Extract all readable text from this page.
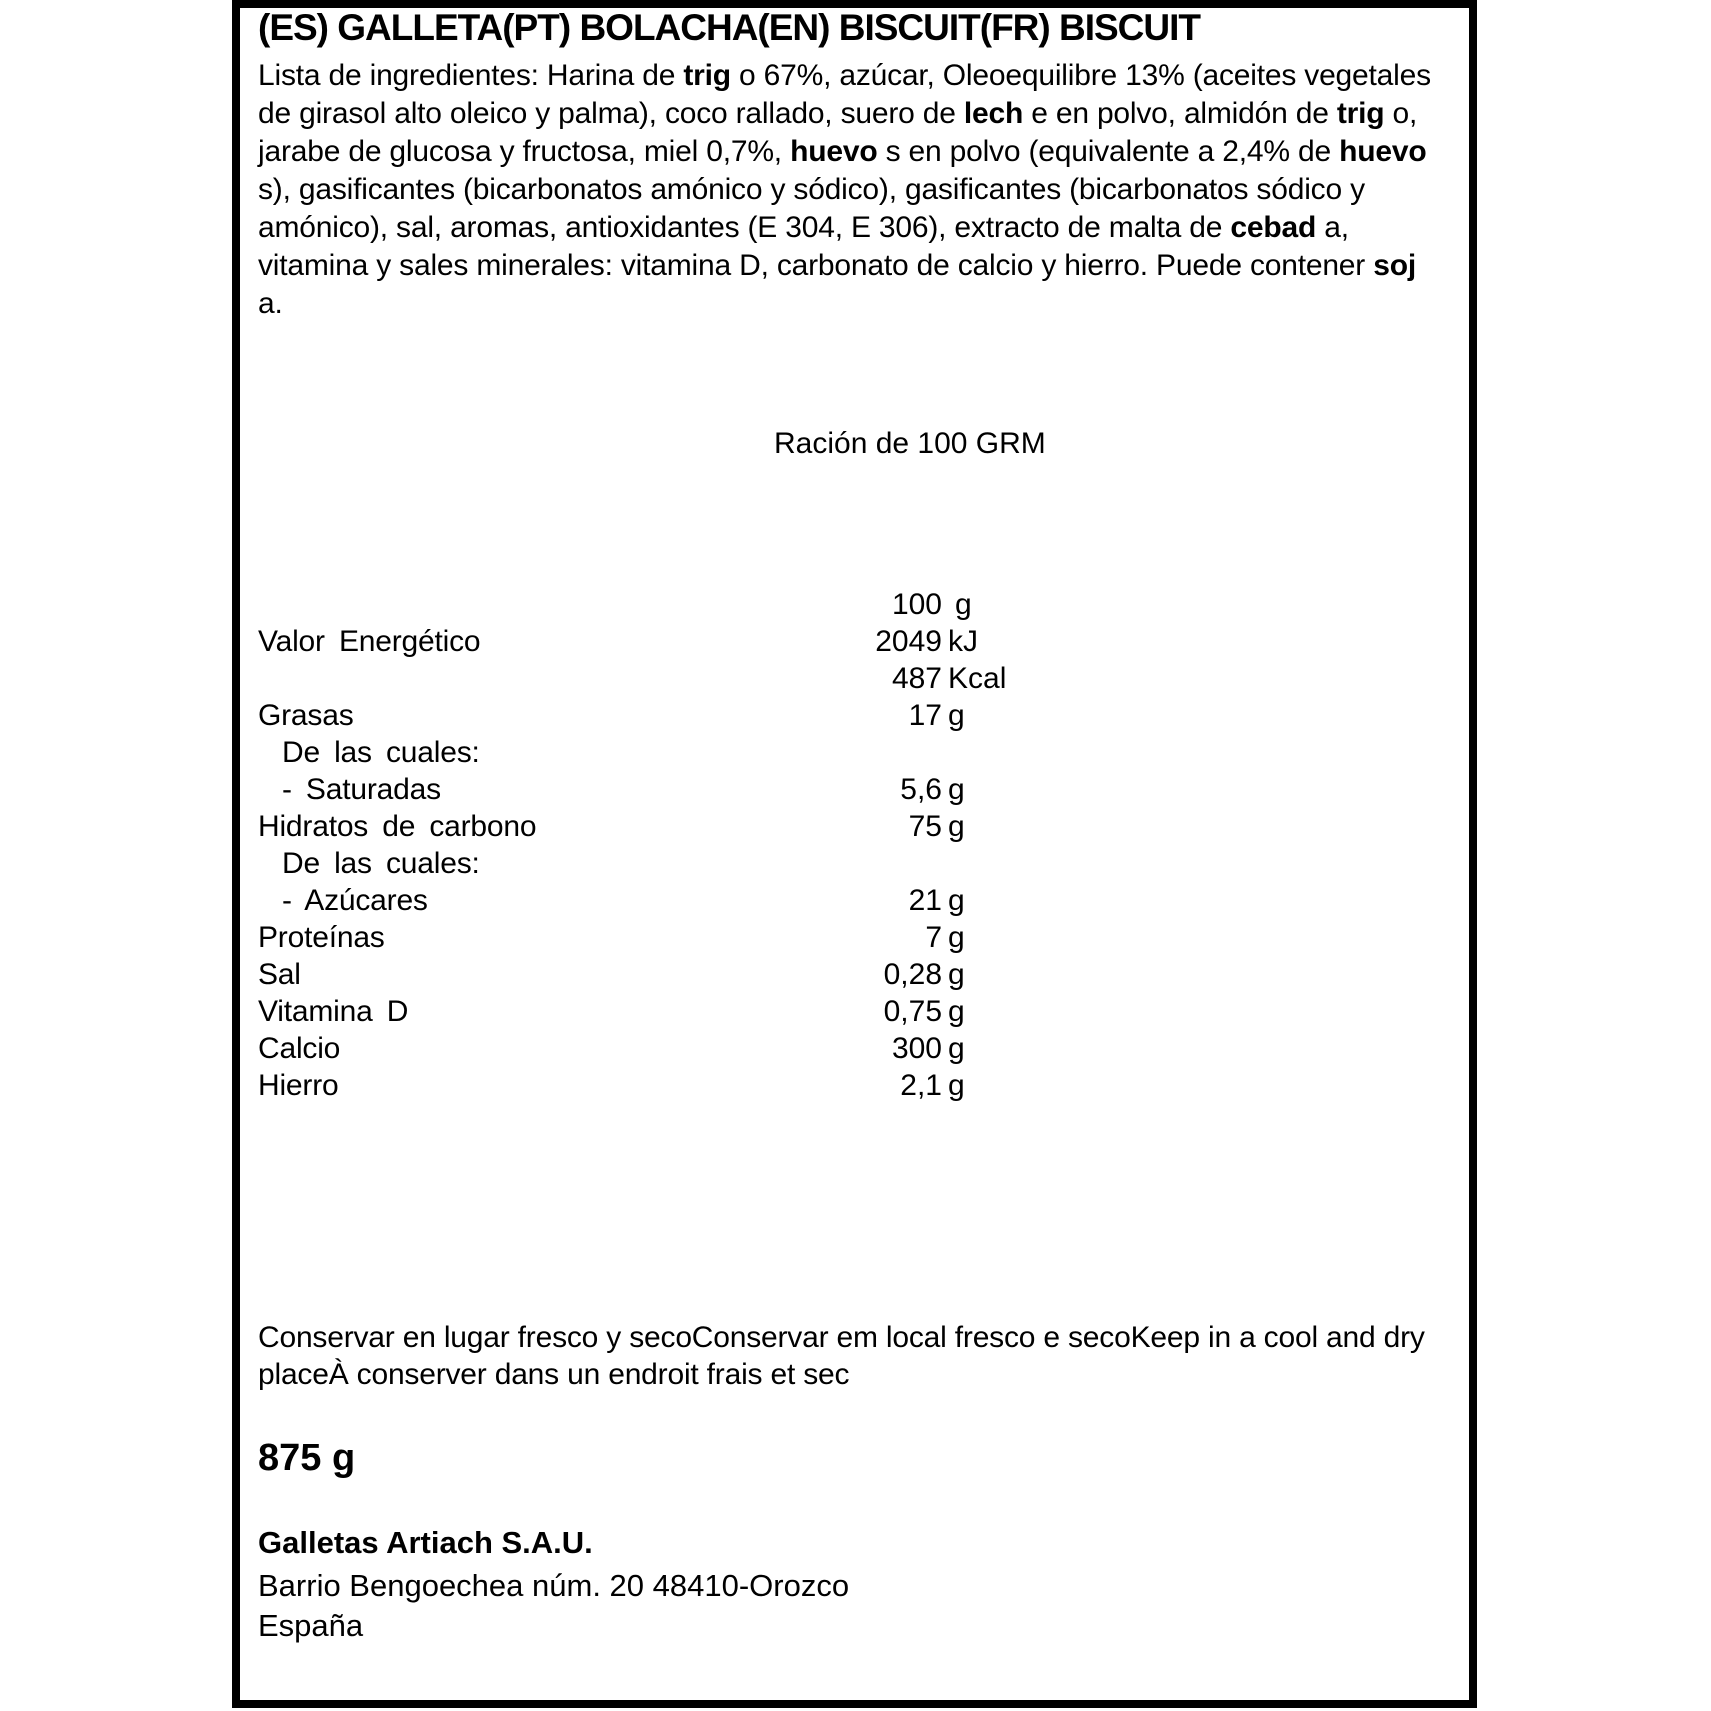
(ES) GALLETA(PT) BOLACHA(EN) BISCUIT(FR) BISCUIT
Lista de ingredientes: Harina de trig o 67%, azúcar, Oleoequilibre 13% (aceites vegetales de girasol alto oleico y palma), coco rallado, suero de lech e en polvo, almidón de trig o, jarabe de glucosa y fructosa, miel 0,7%, huevo s en polvo (equivalente a 2,4% de huevo s), gasificantes (bicarbonatos amónico y sódico), gasificantes (bicarbonatos sódico y amónico), sal, aromas, antioxidantes (E 304, E 306), extracto de malta de cebad a, vitamina y sales minerales: vitamina D, carbonato de calcio y hierro. Puede contener soj a.
Ración de 100 GRM
100 g
Valor Energético	2049 kJ
487 Kcal
Grasas	17 g
De las cuales:
- Saturadas	5,6 g
Hidratos de carbono	75 g
De las cuales:
- Azúcares	21 g
Proteínas	7 g
Sal	0,28 g
Vitamina D	0,75 g
Calcio	300 g
Hierro	2,1 g
Conservar en lugar fresco y secoConservar em local fresco e secoKeep in a cool and dry placeÀ conserver dans un endroit frais et sec
875 g
Galletas Artiach S.A.U.
Barrio Bengoechea núm. 20 48410-Orozco
España
